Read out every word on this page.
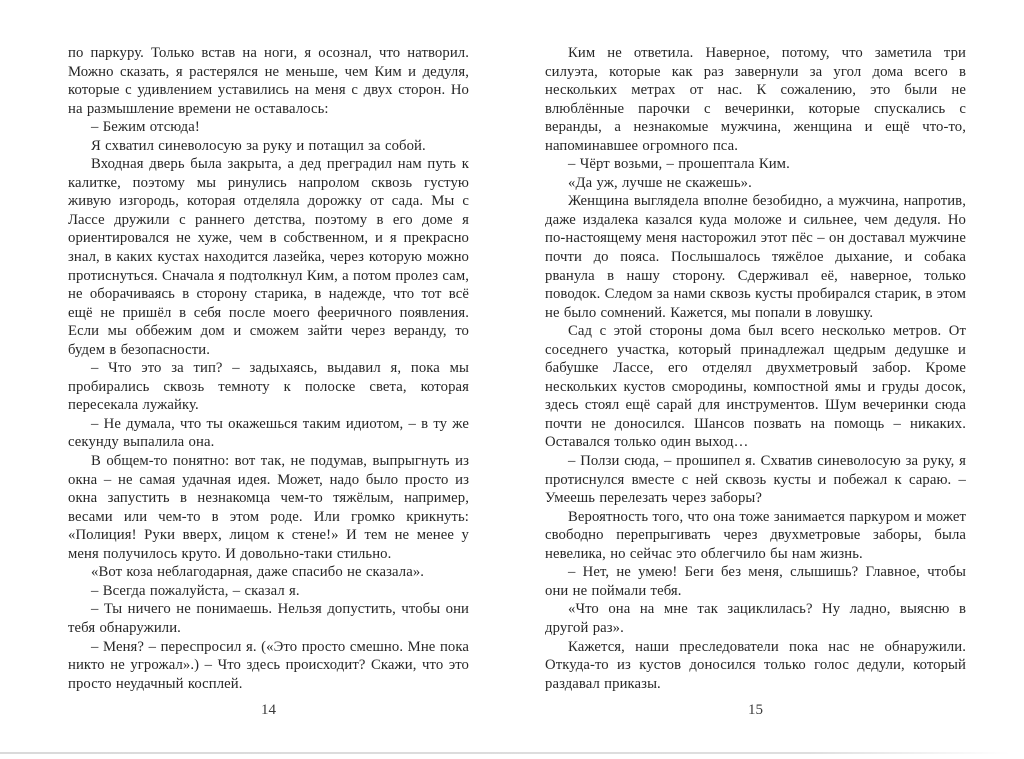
по паркуру. Только встав на ноги, я осознал, что натворил. Можно сказать, я растерялся не меньше, чем Ким и дедуля, которые с удивлением уставились на меня с двух сторон. Но на размышление времени не оставалось:

– Бежим отсюда!

Я схватил синеволосую за руку и потащил за собой.

Входная дверь была закрыта, а дед преградил нам путь к калитке, поэтому мы ринулись напролом сквозь густую живую изгородь, которая отделяла дорожку от сада. Мы с Лассе дружили с раннего детства, поэтому в его доме я ориентировался не хуже, чем в собственном, и я прекрасно знал, в каких кустах находится лазейка, через которую можно протиснуться. Сначала я подтолкнул Ким, а потом пролез сам, не оборачиваясь в сторону старика, в надежде, что тот всё ещё не пришёл в себя после моего фееричного появления. Если мы оббежим дом и сможем зайти через веранду, то будем в безопасности.

– Что это за тип? – задыхаясь, выдавил я, пока мы пробирались сквозь темноту к полоске света, которая пересекала лужайку.

– Не думала, что ты окажешься таким идиотом, – в ту же секунду выпалила она.

В общем-то понятно: вот так, не подумав, выпрыгнуть из окна – не самая удачная идея. Может, надо было просто из окна запустить в незнакомца чем-то тяжёлым, например, весами или чем-то в этом роде. Или громко крикнуть: «Полиция! Руки вверх, лицом к стене!» И тем не менее у меня получилось круто. И довольно-таки стильно.

«Вот коза неблагодарная, даже спасибо не сказала».

– Всегда пожалуйста, – сказал я.

– Ты ничего не понимаешь. Нельзя допустить, чтобы они тебя обнаружили.

– Меня? – переспросил я. («Это просто смешно. Мне пока никто не угрожал».) – Что здесь происходит? Скажи, что это просто неудачный косплей.

Ким не ответила. Наверное, потому, что заметила три силуэта, которые как раз завернули за угол дома всего в нескольких метрах от нас. К сожалению, это были не влюблённые парочки с вечеринки, которые спускались с веранды, а незнакомые мужчина, женщина и ещё что-то, напоминавшее огромного пса.

– Чёрт возьми, – прошептала Ким.

«Да уж, лучше не скажешь».

Женщина выглядела вполне безобидно, а мужчина, напротив, даже издалека казался куда моложе и сильнее, чем дедуля. Но по-настоящему меня насторожил этот пёс – он доставал мужчине почти до пояса. Послышалось тяжёлое дыхание, и собака рванула в нашу сторону. Сдерживал её, наверное, только поводок. Следом за нами сквозь кусты пробирался старик, в этом не было сомнений. Кажется, мы попали в ловушку.

Сад с этой стороны дома был всего несколько метров. От соседнего участка, который принадлежал щедрым дедушке и бабушке Лассе, его отделял двухметровый забор. Кроме нескольких кустов смородины, компостной ямы и груды досок, здесь стоял ещё сарай для инструментов. Шум вечеринки сюда почти не доносился. Шансов позвать на помощь – никаких. Оставался только один выход…

– Ползи сюда, – прошипел я. Схватив синеволосую за руку, я протиснулся вместе с ней сквозь кусты и побежал к сараю. – Умеешь перелезать через заборы?

Вероятность того, что она тоже занимается паркуром и может свободно перепрыгивать через двухметровые заборы, была невелика, но сейчас это облегчило бы нам жизнь.

– Нет, не умею! Беги без меня, слышишь? Главное, чтобы они не поймали тебя.

«Что она на мне так зациклилась? Ну ладно, выясню в другой раз».

Кажется, наши преследователи пока нас не обнаружили. Откуда-то из кустов доносился только голос дедули, который раздавал приказы.

14	15
